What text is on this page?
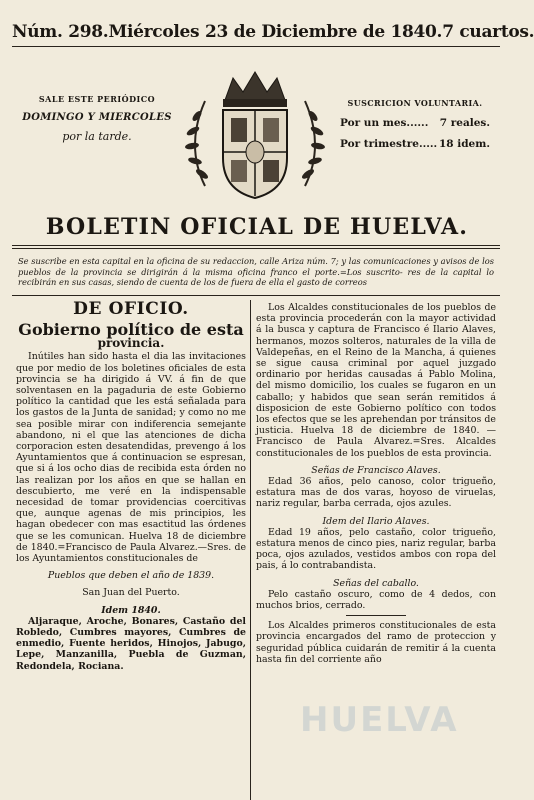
Núm. 298. Miércoles 23 de Diciembre de 1840. 7 cuartos.
SALE ESTE PERIÓDICO
DOMINGO Y MIERCOLES
por la tarde.
SUSCRICION VOLUNTARIA.
Por un mes...... 7 reales.
Por trimestre..... 18 idem.
BOLETIN OFICIAL DE HUELVA.
Se suscribe en esta capital en la oficina de su redaccion, calle Ariza núm. 7; y las comunicaciones y avisos de los pueblos de la provincia se dirigirán á la misma oficina franco el porte.=Los suscrito- res de la capital lo recibirán en sus casas, siendo de cuenta de los de fuera de ella el gasto de correos
DE OFICIO.
Gobierno político de esta
provincia.

Inútiles han sido hasta el dia las invitaciones que por medio de los boletines oficiales de esta provincia se ha dirigido á VV. á fin de que solventasen en la pagaduria de este Gobierno político la cantidad que les está señalada para los gastos de la Junta de sanidad; y como no me sea posible mirar con indiferencia semejante abandono, ni el que las atenciones de dicha corporacion esten desatendidas, prevengo á los Ayuntamientos que á continuacion se espresan, que si á los ocho dias de recibida esta órden no las realizan por los años en que se hallan en descubierto, me veré en la indispensable necesidad de tomar providencias coercitivas que, aunque agenas de mis principios, les hagan obedecer con mas esactitud las órdenes que se les comunican. Huelva 18 de diciembre de 1840.=Francisco de Paula Alvarez.—Sres. de los Ayuntamientos constitucionales de

Pueblos que deben el año de 1839.
San Juan del Puerto.
Idem 1840.

Aljaraque, Aroche, Bonares, Castaño del Robledo, Cumbres mayores, Cumbres de enmedio, Fuente heridos, Hinojos, Jabugo, Lepe, Manzanilla, Puebla de Guzman, Redondela, Rociana.

Los Alcaldes constitucionales de los pueblos de esta provincia procederán con la mayor actividad á la busca y captura de Francisco é Ilario Alaves, hermanos, mozos solteros, naturales de la villa de Valdepeñas, en el Reino de la Mancha, á quienes se sigue causa criminal por aquel juzgado ordinario por heridas causadas á Pablo Molina, del mismo domicilio, los cuales se fugaron en un caballo; y habidos que sean serán remitidos á disposicion de este Gobierno político con todos los efectos que se les aprehendan por tránsitos de justicia. Huelva 18 de diciembre de 1840. —Francisco de Paula Alvarez.=Sres. Alcaldes constitucionales de los pueblos de esta provincia.

Señas de Francisco Alaves.

Edad 36 años, pelo canoso, color trigueño, estatura mas de dos varas, hoyoso de viruelas, nariz regular, barba cerrada, ojos azules.

Idem del Ilario Alaves.

Edad 19 años, pelo castaño, color trigueño, estatura menos de cinco pies, nariz regular, barba poca, ojos azulados, vestidos ambos con ropa del pais, á lo contrabandista.

Señas del caballo.

Pelo castaño oscuro, como de 4 dedos, con muchos brios, cerrado.

Los Alcaldes primeros constitucionales de esta provincia encargados del ramo de proteccion y seguridad pública cuidarán de remitir á la cuenta hasta fin del corriente año

HUELVA
